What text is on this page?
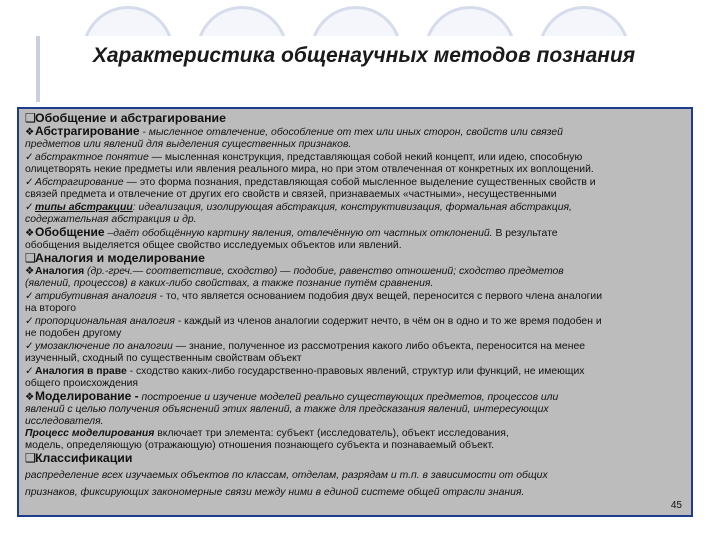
Характеристика общенаучных методов познания
❑Обобщение и абстрагирование
❖Абстрагирование - мысленное отвлечение, обособление от тех или иных сторон, свойств или связей
предметов или явлений для выделения существенных признаков.
✓абстрактное понятие — мысленная конструкция, представляющая собой некий концепт, или идею, способную
олицетворять некие предметы или явления реального мира, но при этом отвлеченная от конкретных их воплощений.
✓Абстрагирование — это форма познания, представляющая собой мысленное выделение существенных свойств и
связей предмета и отвлечение от других его свойств и связей, признаваемых «частными», несущественными
✓типы абстракции: идеализация, изолирующая абстракция, конструктивизация, формальная абстракция,
содержательная абстракция и др.
❖Обобщение –даёт обобщённую картину явления, отвлечённую от частных отклонений. В результате
обобщения выделяется общее свойство исследуемых объектов или явлений.
❑Аналогия и моделирование
❖Аналогия (др.-греч.— соответствие, сходство) — подобие, равенство отношений; сходство предметов
(явлений, процессов) в каких-либо свойствах, а также познание путём сравнения.
✓атрибутивная аналогия - то, что является основанием подобия двух вещей, переносится с первого члена аналогии
на второго
✓пропорциональная аналогия - каждый из членов аналогии содержит нечто, в чём он в одно и то же время подобен и
не подобен другому
✓умозаключение по аналогии — знание, полученное из рассмотрения какого либо объекта, переносится на менее
изученный, сходный по существенным свойствам объект
✓Аналогия в праве - сходство каких-либо государственно-правовых явлений, структур или функций, не имеющих
общего происхождения
❖Моделирование - построение и изучение моделей реально существующих предметов, процессов или
явлений с целью получения объяснений этих явлений, а также для предсказания явлений, интересующих
исследователя.
Процесс моделирования включает три элемента: субъект (исследователь), объект исследования,
модель, определяющую (отражающую) отношения познающего субъекта и познаваемый объект.
❑Классификации
распределение всех изучаемых объектов по классам, отделам, разрядам и т.п. в зависимости от общих
признаков, фиксирующих закономерные связи между ними в единой системе общей отрасли знания.
45
